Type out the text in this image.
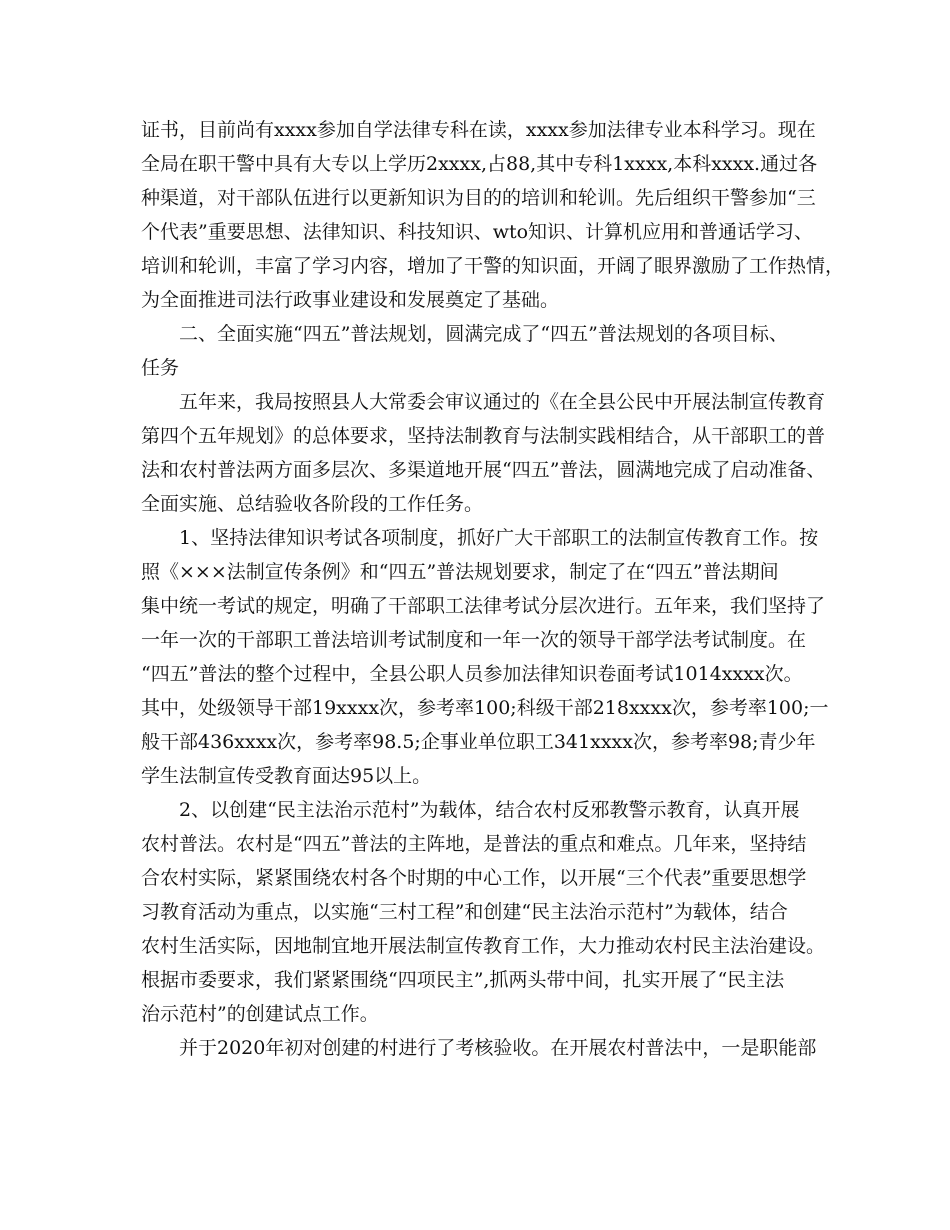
证书，目前尚有xxxx参加自学法律专科在读，xxxx参加法律专业本科学习。现在
全局在职干警中具有大专以上学历2xxxx,占88,其中专科1xxxx,本科xxxx.通过各
种渠道，对干部队伍进行以更新知识为目的的培训和轮训。先后组织干警参加“三
个代表”重要思想、法律知识、科技知识、wto知识、计算机应用和普通话学习、
培训和轮训，丰富了学习内容，增加了干警的知识面，开阔了眼界激励了工作热情，
为全面推进司法行政事业建设和发展奠定了基础。
二、全面实施“四五”普法规划，圆满完成了“四五”普法规划的各项目标、
任务
五年来，我局按照县人大常委会审议通过的《在全县公民中开展法制宣传教育
第四个五年规划》的总体要求，坚持法制教育与法制实践相结合，从干部职工的普
法和农村普法两方面多层次、多渠道地开展“四五”普法，圆满地完成了启动准备、
全面实施、总结验收各阶段的工作任务。
1、坚持法律知识考试各项制度，抓好广大干部职工的法制宣传教育工作。按
照《×××法制宣传条例》和“四五”普法规划要求，制定了在“四五”普法期间
集中统一考试的规定，明确了干部职工法律考试分层次进行。五年来，我们坚持了
一年一次的干部职工普法培训考试制度和一年一次的领导干部学法考试制度。在
“四五”普法的整个过程中，全县公职人员参加法律知识卷面考试1014xxxx次。
其中，处级领导干部19xxxx次，参考率100;科级干部218xxxx次，参考率100;一
般干部436xxxx次，参考率98.5;企事业单位职工341xxxx次，参考率98;青少年
学生法制宣传受教育面达95以上。
2、以创建“民主法治示范村”为载体，结合农村反邪教警示教育，认真开展
农村普法。农村是“四五”普法的主阵地，是普法的重点和难点。几年来，坚持结
合农村实际，紧紧围绕农村各个时期的中心工作，以开展“三个代表”重要思想学
习教育活动为重点，以实施“三村工程”和创建“民主法治示范村”为载体，结合
农村生活实际，因地制宜地开展法制宣传教育工作，大力推动农村民主法治建设。
根据市委要求，我们紧紧围绕“四项民主”,抓两头带中间，扎实开展了“民主法
治示范村”的创建试点工作。
并于2020年初对创建的村进行了考核验收。在开展农村普法中，一是职能部
